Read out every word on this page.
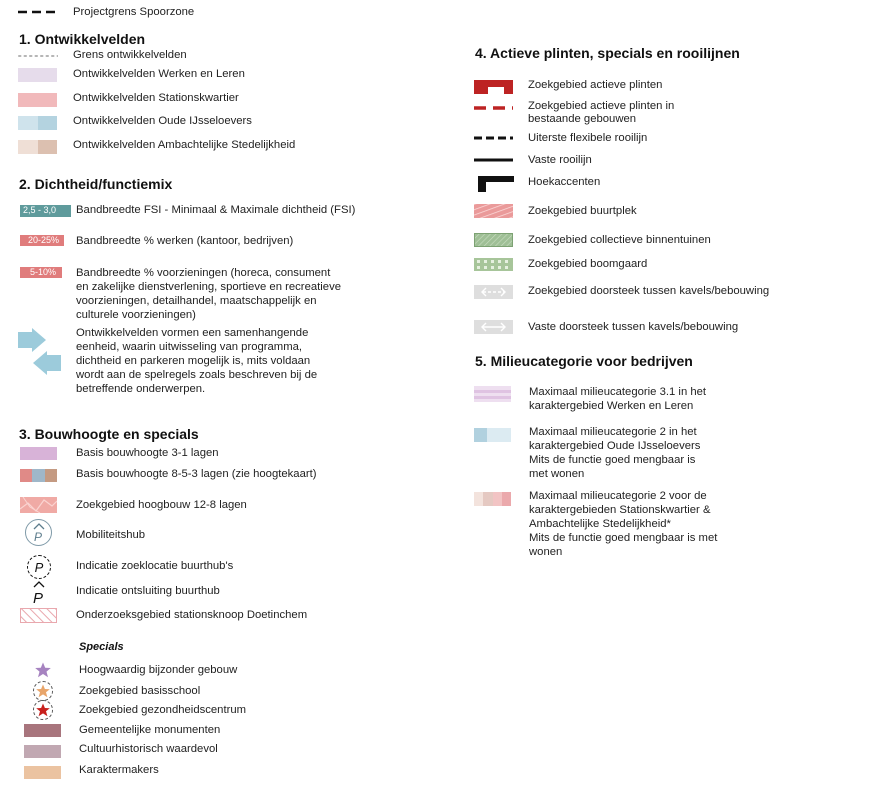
Projectgrens Spoorzone
1. Ontwikkelvelden
Grens ontwikkelvelden
Ontwikkelvelden Werken en Leren
Ontwikkelvelden Stationskwartier
Ontwikkelvelden Oude IJsseloevers
Ontwikkelvelden Ambachtelijke Stedelijkheid
2. Dichtheid/functiemix
2,5 - 3,0 Bandbreedte FSI - Minimaal & Maximale dichtheid (FSI)
20-25% Bandbreedte % werken (kantoor, bedrijven)
5-10% Bandbreedte % voorzieningen (horeca, consument
en zakelijke dienstverlening, sportieve en recreatieve
voorzieningen, detailhandel, maatschappelijk en
culturele voorzieningen)
Ontwikkelvelden vormen een samenhangende
eenheid, waarin uitwisseling van programma,
dichtheid en parkeren mogelijk is, mits voldaan
wordt aan de spelregels zoals beschreven bij de
betreffende onderwerpen.
3. Bouwhoogte en specials
Basis bouwhoogte 3-1 lagen
Basis bouwhoogte 8-5-3 lagen (zie hoogtekaart)
Zoekgebied hoogbouw 12-8 lagen
P	Mobiliteitshub
P	Indicatie zoeklocatie buurthub's
P	Indicatie ontsluiting buurthub
Onderzoeksgebied stationsknoop Doetinchem
Specials
Hoogwaardig bijzonder gebouw
Zoekgebied basisschool
Zoekgebied gezondheidscentrum
Gemeentelijke monumenten
Cultuurhistorisch waardevol
Karaktermakers
4. Actieve plinten, specials en rooilijnen
Zoekgebied actieve plinten
Zoekgebied actieve plinten in
bestaande gebouwen
Uiterste flexibele rooilijn
Vaste rooilijn
Hoekaccenten
Zoekgebied buurtplek
Zoekgebied collectieve binnentuinen
Zoekgebied boomgaard
Zoekgebied doorsteek tussen kavels/bebouwing
Vaste doorsteek tussen kavels/bebouwing
5. Milieucategorie voor bedrijven
Maximaal milieucategorie 3.1 in het
karaktergebied Werken en Leren
Maximaal milieucategorie 2 in het
karaktergebied Oude IJsseloevers
Mits de functie goed mengbaar is
met wonen
Maximaal milieucategorie 2 voor de
karaktergebieden Stationskwartier &
Ambachtelijke Stedelijkheid*
Mits de functie goed mengbaar is met
wonen
